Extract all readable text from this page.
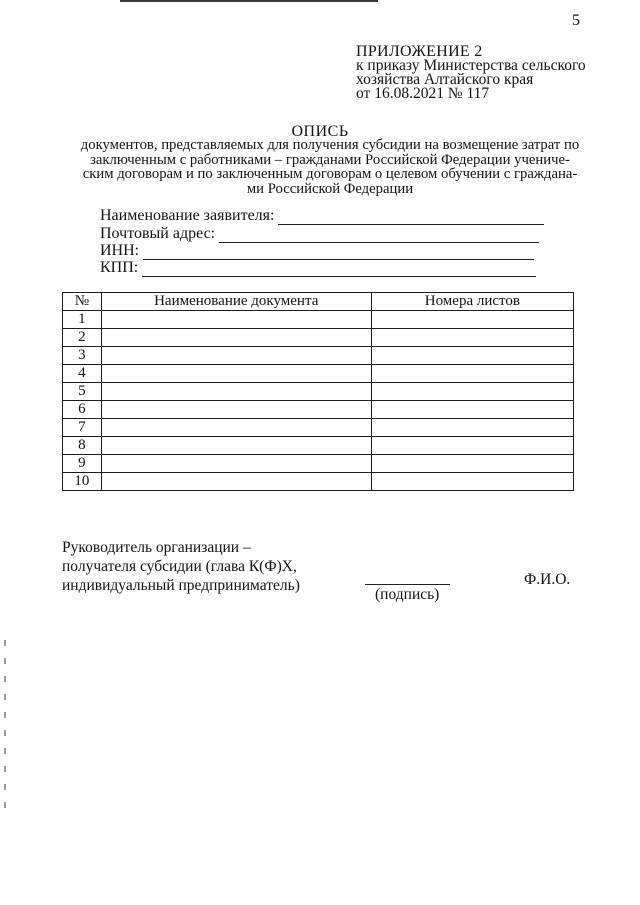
5
ПРИЛОЖЕНИЕ 2
к приказу Министерства сельского
хозяйства Алтайского края
от 16.08.2021 № 117
ОПИСЬ
документов, представляемых для получения субсидии на возмещение затрат по
заключенным с работниками – гражданами Российской Федерации учениче-
ским договорам и по заключенным договорам о целевом обучении с граждана-
ми Российской Федерации
Наименование заявителя:
Почтовый адрес:
ИНН:
КПП:
№	Наименование документа	Номера листов
1		
2		
3		
4		
5		
6		
7		
8		
9		
10		
Руководитель организации –
получателя субсидии (глава К(Ф)Х,
индивидуальный предприниматель)
(подпись)
Ф.И.О.
